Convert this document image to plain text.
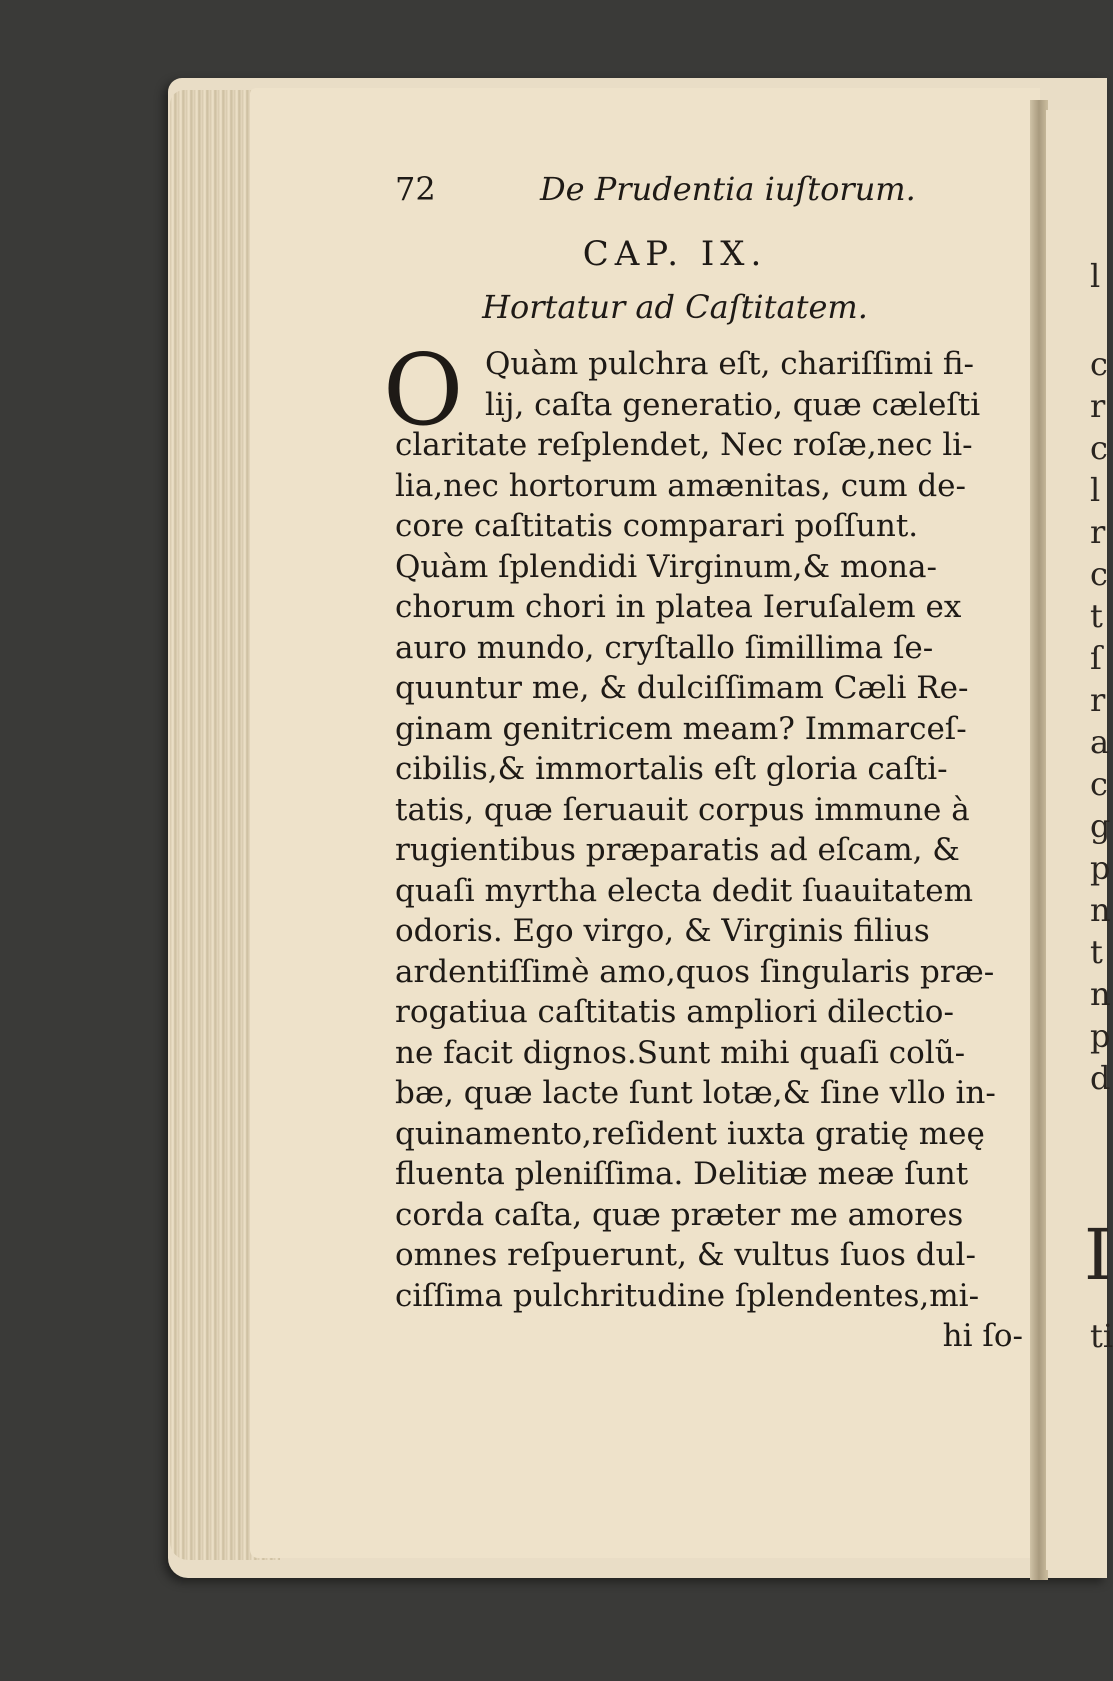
l
c
r
c
l
r
c
t
ſ
r
a
c
g
p
n
t
n
p
d
I
ti
72	De Prudentia iuſtorum.
CAP. IX.
Hortatur ad Caſtitatem.
O Quàm pulchra eſt, chariſſimi fi-
lij, caſta generatio, quæ cæleſti
claritate reſplendet, Nec roſæ,nec li-
lia,nec hortorum amænitas, cum de-
core caſtitatis comparari poſſunt.
Quàm ſplendidi Virginum,& mona-
chorum chori in platea Ieruſalem ex
auro mundo, cryſtallo ſimillima ſe-
quuntur me, & dulciſſimam Cæli Re-
ginam genitricem meam? Immarceſ-
cibilis,& immortalis eſt gloria caſti-
tatis, quæ ſeruauit corpus immune à
rugientibus præparatis ad eſcam, &
quaſi myrtha electa dedit ſuauitatem
odoris. Ego virgo, & Virginis filius
ardentiſſimè amo,quos ſingularis præ-
rogatiua caſtitatis ampliori dilectio-
ne facit dignos.Sunt mihi quaſi colũ-
bæ, quæ lacte ſunt lotæ,& ſine vllo in-
quinamento,reſident iuxta gratię meę
fluenta pleniſſima. Delitiæ meæ ſunt
corda caſta, quæ præter me amores
omnes reſpuerunt, & vultus ſuos dul-
ciſſima pulchritudine ſplendentes,mi-
hi ſo-
